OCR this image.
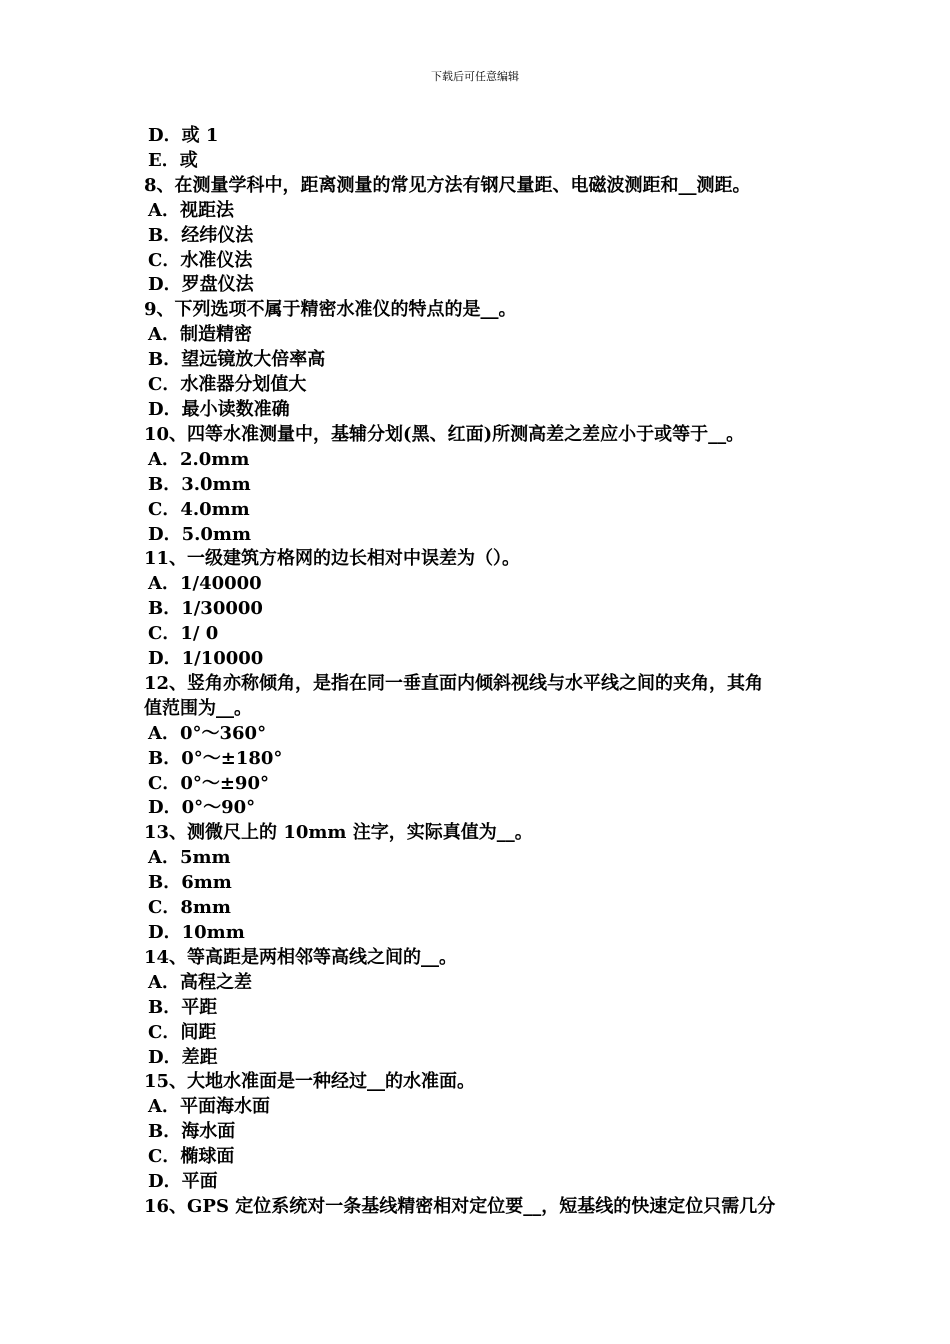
下载后可任意编辑
D．或 1
E．或
8、在测量学科中，距离测量的常见方法有钢尺量距、电磁波测距和__测距。
A．视距法
B．经纬仪法
C．水准仪法
D．罗盘仪法
9、下列选项不属于精密水准仪的特点的是__。
A．制造精密
B．望远镜放大倍率高
C．水准器分划值大
D．最小读数准确
10、四等水准测量中，基辅分划(黑、红面)所测高差之差应小于或等于__。
A．2.0mm
B．3.0mm
C．4.0mm
D．5.0mm
11、一级建筑方格网的边长相对中误差为（）。
A．1/40000
B．1/30000
C．1/ 0
D．1/10000
12、竖角亦称倾角，是指在同一垂直面内倾斜视线与水平线之间的夹角，其角
值范围为__。
A．0°～360°
B．0°～±180°
C．0°～±90°
D．0°～90°
13、测微尺上的 10mm 注字，实际真值为__。
A．5mm
B．6mm
C．8mm
D．10mm
14、等高距是两相邻等高线之间的__。
A．高程之差
B．平距
C．间距
D．差距
15、大地水准面是一种经过__的水准面。
A．平面海水面
B．海水面
C．椭球面
D．平面
16、GPS 定位系统对一条基线精密相对定位要__，短基线的快速定位只需几分
